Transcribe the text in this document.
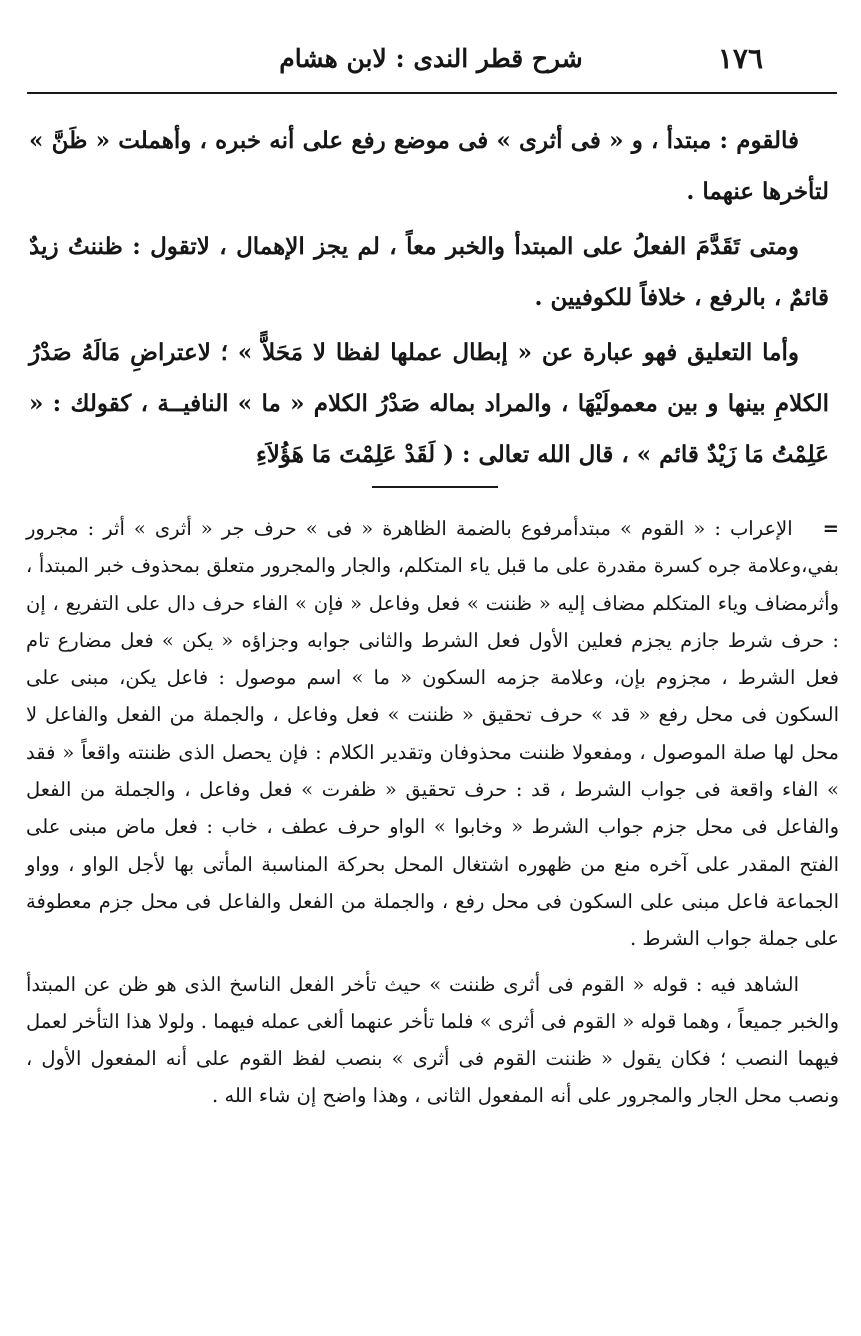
١٧٦
شرح قطر الندى : لابن هشام

فالقوم : مبتدأ ، و « فى أثرى » فى موضع رفع على أنه خبره ، وأهملت « ظَنَّ » لتأخرها عنهما .

ومتى تَقَدَّمَ الفعلُ على المبتدأ والخبر معاً ، لم يجز الإهمال ، لاتقول : ظننتُ زيدٌ قائمٌ ، بالرفع ، خلافاً للكوفيين .

وأما التعليق فهو عبارة عن « إبطال عملها لفظا لا مَحَلاًّ » ؛ لاعتراضِ مَالَهُ صَدْرُ الكلامِ بينها و بين معمولَيْهَا ، والمراد بماله صَدْرُ الكلام « ما » النافيــة ، كقولك : « عَلِمْتُ مَا زَيْدٌ قائم » ، قال الله تعالى : ( لَقَدْ عَلِمْتَ مَا هَؤُلاَءِ

=الإعراب : « القوم » مبتدأمرفوع بالضمة الظاهرة « فى » حرف جر « أثرى » أثر : مجرور بفي،وعلامة جره كسرة مقدرة على ما قبل ياء المتكلم، والجار والمجرور متعلق بمحذوف خبر المبتدأ ، وأثرمضاف وياء المتكلم مضاف إليه « ظننت » فعل وفاعل « فإن » الفاء حرف دال على التفريع ، إن : حرف شرط جازم يجزم فعلين الأول فعل الشرط والثانى جوابه وجزاؤه « يكن » فعل مضارع تام فعل الشرط ، مجزوم بإن، وعلامة جزمه السكون « ما » اسم موصول : فاعل يكن، مبنى على السكون فى محل رفع « قد » حرف تحقيق « ظننت » فعل وفاعل ، والجملة من الفعل والفاعل لا محل لها صلة الموصول ، ومفعولا ظننت محذوفان وتقدير الكلام : فإن يحصل الذى ظننته واقعاً « فقد » الفاء واقعة فى جواب الشرط ، قد : حرف تحقيق « ظفرت » فعل وفاعل ، والجملة من الفعل والفاعل فى محل جزم جواب الشرط « وخابوا » الواو حرف عطف ، خاب : فعل ماض مبنى على الفتح المقدر على آخره منع من ظهوره اشتغال المحل بحركة المناسبة المأتى بها لأجل الواو ، وواو الجماعة فاعل مبنى على السكون فى محل رفع ، والجملة من الفعل والفاعل فى محل جزم معطوفة على جملة جواب الشرط .

الشاهد فيه : قوله « القوم فى أثرى ظننت » حيث تأخر الفعل الناسخ الذى هو ظن عن المبتدأ والخبر جميعاً ، وهما قوله « القوم فى أثرى » فلما تأخر عنهما ألغى عمله فيهما . ولولا هذا التأخر لعمل فيهما النصب ؛ فكان يقول « ظننت القوم فى أثرى » بنصب لفظ القوم على أنه المفعول الأول ، ونصب محل الجار والمجرور على أنه المفعول الثانى ، وهذا واضح إن شاء الله .
